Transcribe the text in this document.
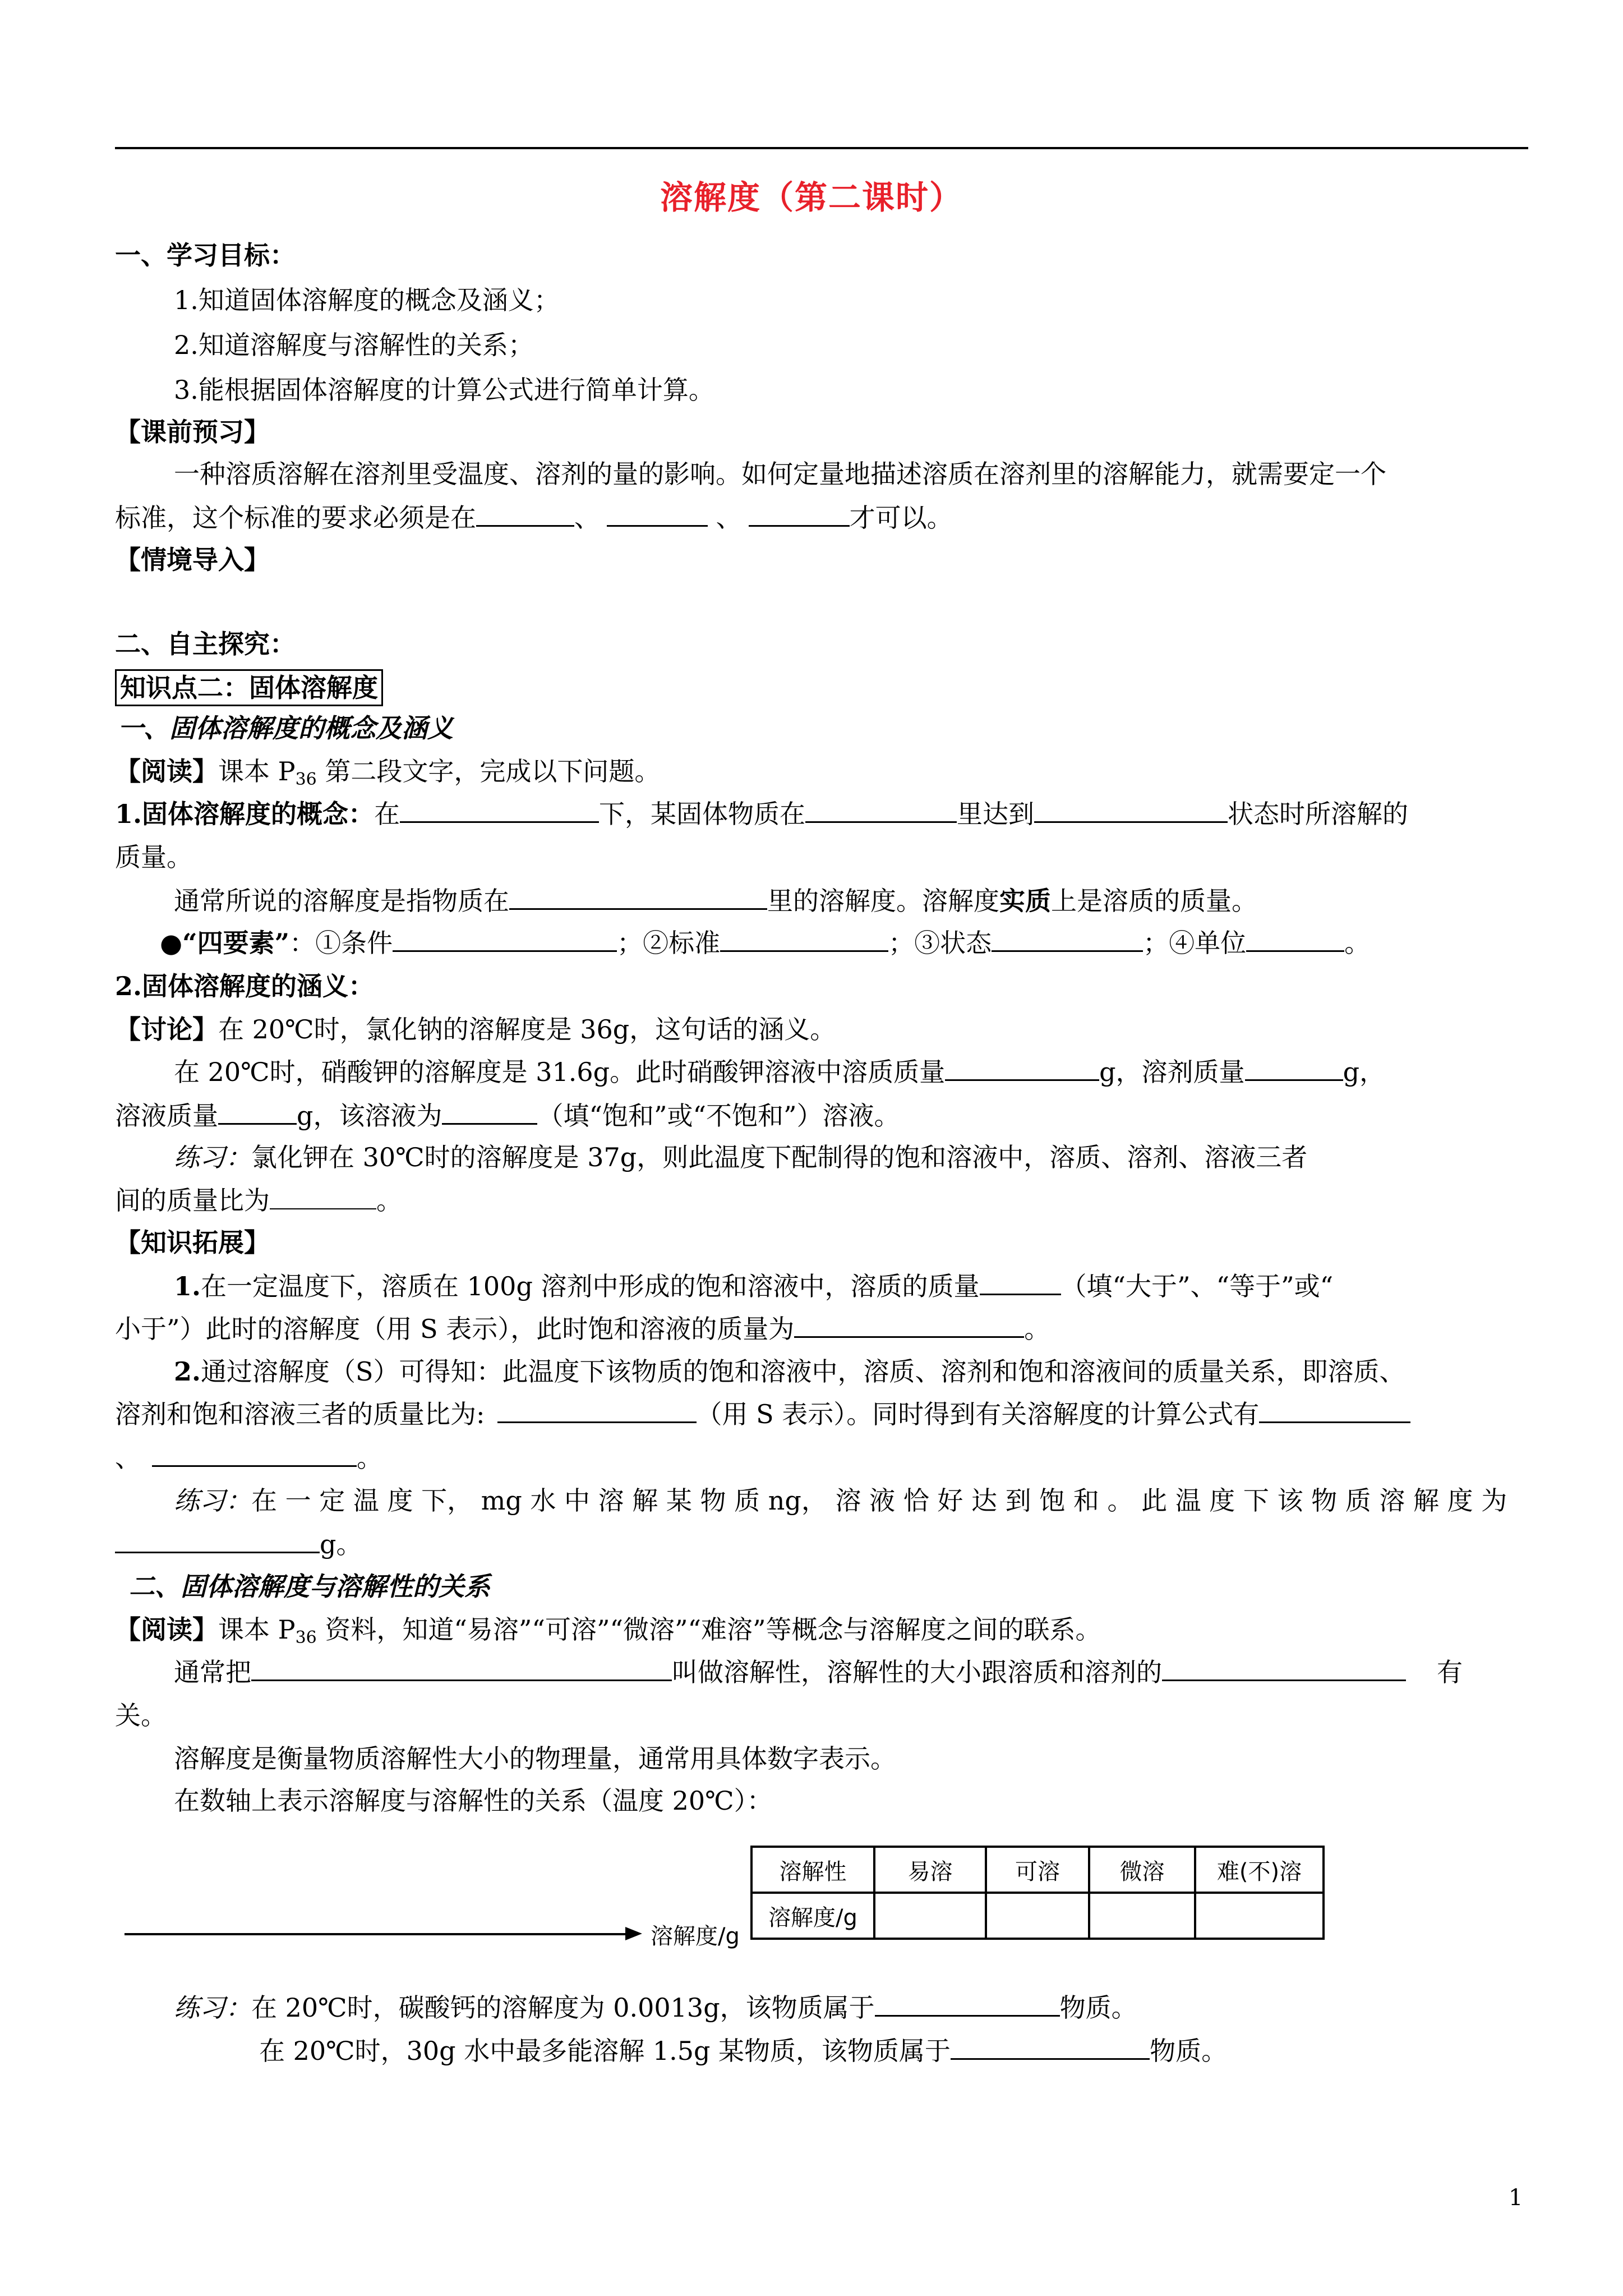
溶解度（第二课时）
一、学习目标：
1.知道固体溶解度的概念及涵义；
2.知道溶解度与溶解性的关系；
3.能根据固体溶解度的计算公式进行简单计算。
【课前预习】
一种溶质溶解在溶剂里受温度、溶剂的量的影响。如何定量地描述溶质在溶剂里的溶解能力，就需要定一个
标准，这个标准的要求必须是在	、	、	才可以。
【情境导入】
二、自主探究：
知识点二：固体溶解度
一、固体溶解度的概念及涵义
【阅读】课本 $P_{36}$ 第二段文字，完成以下问题。
1.固体溶解度的概念：在	下，某固体物质在	里达到	状态时所溶解的
质量。
通常所说的溶解度是指物质在	里的溶解度。溶解度实质上是溶质的质量。
●“四要素”：①条件	；②标准	；③状态	；④单位	。
2.固体溶解度的涵义：
【讨论】在 20℃时，氯化钠的溶解度是 36g，这句话的涵义。
在 20℃时，硝酸钾的溶解度是 31.6g。此时硝酸钾溶液中溶质质量	g，溶剂质量	g，
溶液质量	g，该溶液为	（填“饱和”或“不饱和”）溶液。
练习：氯化钾在 30℃时的溶解度是 37g，则此温度下配制得的饱和溶液中，溶质、溶剂、溶液三者
间的质量比为	。
【知识拓展】
1.在一定温度下，溶质在 100g 溶剂中形成的饱和溶液中，溶质的质量	（填“大于”、“等于”或“
小于”）此时的溶解度（用 S 表示），此时饱和溶液的质量为	。
2.通过溶解度（S）可得知：此温度下该物质的饱和溶液中，溶质、溶剂和饱和溶液间的质量关系，即溶质、
溶剂和饱和溶液三者的质量比为:	（用 S 表示）。同时得到有关溶解度的计算公式有
、	。
练习：在 一 定 温 度 下， mg 水 中 溶 解 某 物 质 ng， 溶 液 恰 好 达 到 饱 和 。 此 温 度 下 该 物 质 溶 解 度 为
g。
二、固体溶解度与溶解性的关系
【阅读】课本 $P_{36}$ 资料，知道“易溶”“可溶”“微溶”“难溶”等概念与溶解度之间的联系。
通常把	叫做溶解性，溶解性的大小跟溶质和溶剂的	有
关。
溶解度是衡量物质溶解性大小的物理量，通常用具体数字表示。
在数轴上表示溶解度与溶解性的关系（温度 20℃）：
溶解度/g
溶解性	易溶	可溶	微溶	难(不)溶
溶解度/g				
练习：在 20℃时，碳酸钙的溶解度为 0.0013g，该物质属于	物质。
在 20℃时，30g 水中最多能溶解 1.5g 某物质，该物质属于	物质。
1
